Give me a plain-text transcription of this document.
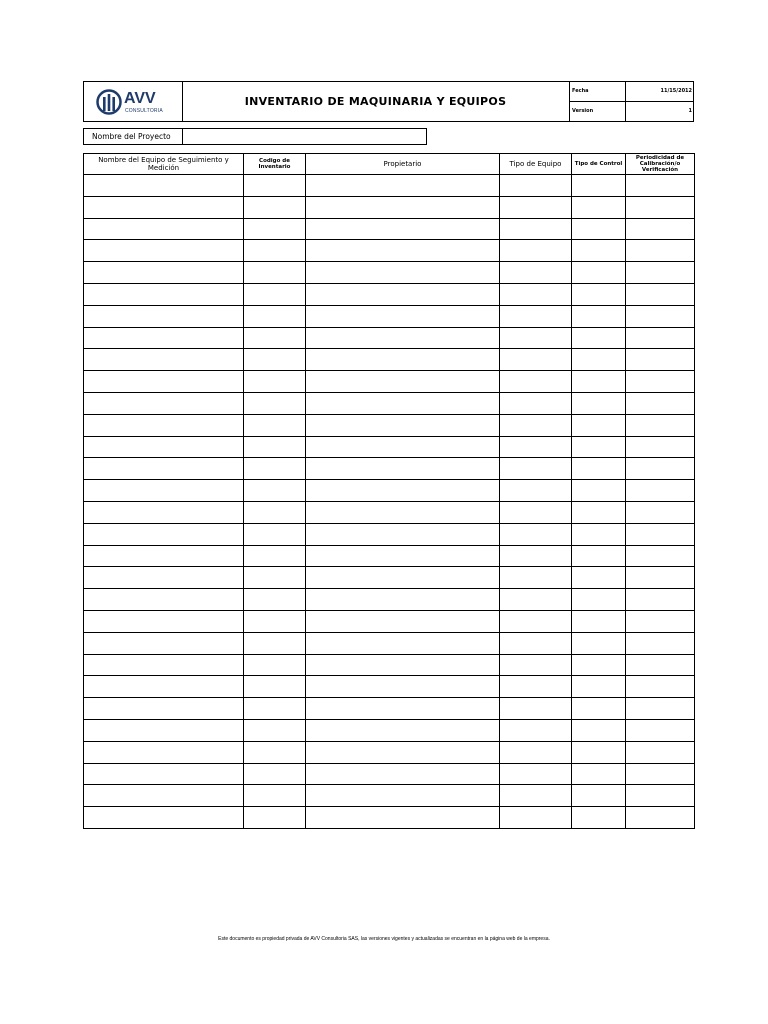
AVV
CONSULTORIA
INVENTARIO DE MAQUINARIA Y EQUIPOS
Fecha	11/15/2012
Version	1
Nombre del Proyecto
Nombre del Equipo de Seguimiento y Medición	Codigo de Inventario	Propietario	Tipo de Equipo	Tipo de Control	Periodicidad de Calibración/o Verificación

Este documento es propiedad privada de AVV Consultoria SAS, las versiones vigentes y actualizadas se encuentran en la página web de la empresa.
